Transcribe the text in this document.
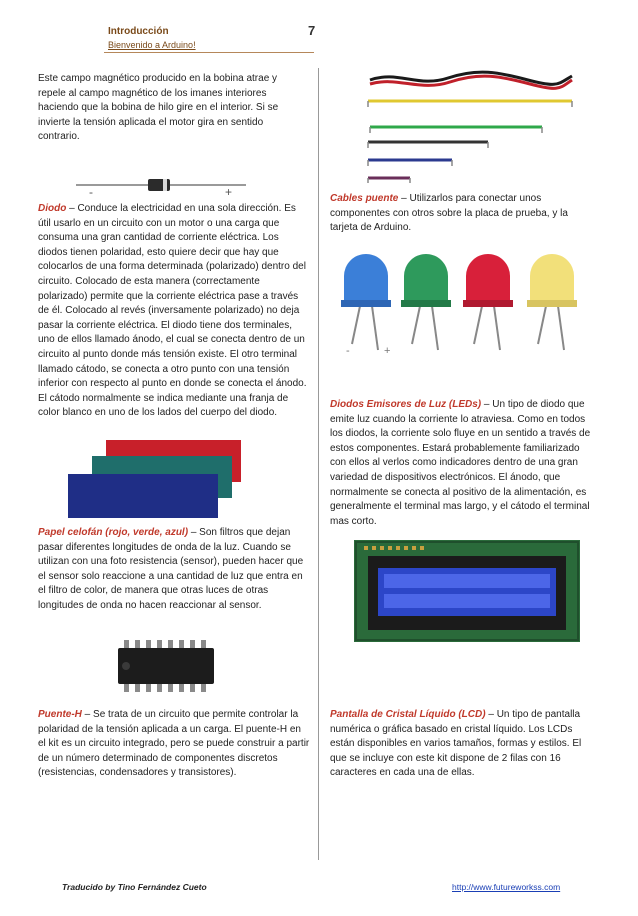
Introducción
Bienvenido a Arduino!
7
Este campo magnético producido en la bobina atrae y repele al campo magnético de los imanes interiores haciendo que la bobina de hilo gire en el interior. Si se invierte la tensión aplicada el motor gira en sentido contrario.
-	+
Diodo – Conduce la electricidad en una sola dirección. Es útil usarlo en un circuito con un motor o una carga que consuma una gran cantidad de corriente eléctrica. Los diodos tienen polaridad, esto quiere decir que hay que colocarlos de una forma determinada (polarizado) dentro del circuito. Colocado de esta manera (correctamente polarizado) permite que la corriente eléctrica pase a través de él. Colocado al revés (inversamente polarizado) no deja pasar la corriente eléctrica. El diodo tiene dos terminales, uno de ellos llamado ánodo, el cual se conecta dentro de un circuito al punto donde más tensión existe. El otro terminal llamado cátodo, se conecta a otro punto con una tensión inferior con respecto al punto en donde se conecta el ánodo. El cátodo normalmente se indica mediante una franja de color blanco en uno de los lados del cuerpo del diodo.
Papel celofán (rojo, verde, azul) – Son filtros que dejan pasar diferentes longitudes de onda de la luz. Cuando se utilizan con una foto resistencia (sensor), pueden hacer que el sensor solo reaccione a una cantidad de luz que entra en el filtro de color, de manera que otras luces de otras longitudes de onda no hacen reaccionar al sensor.
Puente-H – Se trata de un circuito que permite controlar la polaridad de la tensión aplicada a un carga. El puente-H en el kit es un circuito integrado, pero se puede construir a partir de un número determinado de componentes discretos (resistencias, condensadores y transistores).
Cables puente – Utilizarlos para conectar unos componentes con otros sobre la placa de prueba, y la tarjeta de Arduino.
-	+
Diodos Emisores de Luz (LEDs) – Un tipo de diodo que emite luz cuando la corriente lo atraviesa. Como en todos los diodos, la corriente solo fluye en un sentido a través de estos componentes. Estará probablemente familiarizado con ellos al verlos como indicadores dentro de una gran variedad de dispositivos electrónicos. El ánodo, que normalmente se conecta al positivo de la alimentación, es generalmente el terminal mas largo, y el cátodo el terminal mas corto.
Pantalla de Cristal Líquido (LCD) – Un tipo de pantalla numérica o gráfica basado en cristal líquido. Los LCDs están disponibles en varios tamaños, formas y estilos. El que se incluye con este kit dispone de 2 filas con 16 caracteres en cada una de ellas.
Traducido by Tino Fernández Cueto	http://www.futureworkss.com
